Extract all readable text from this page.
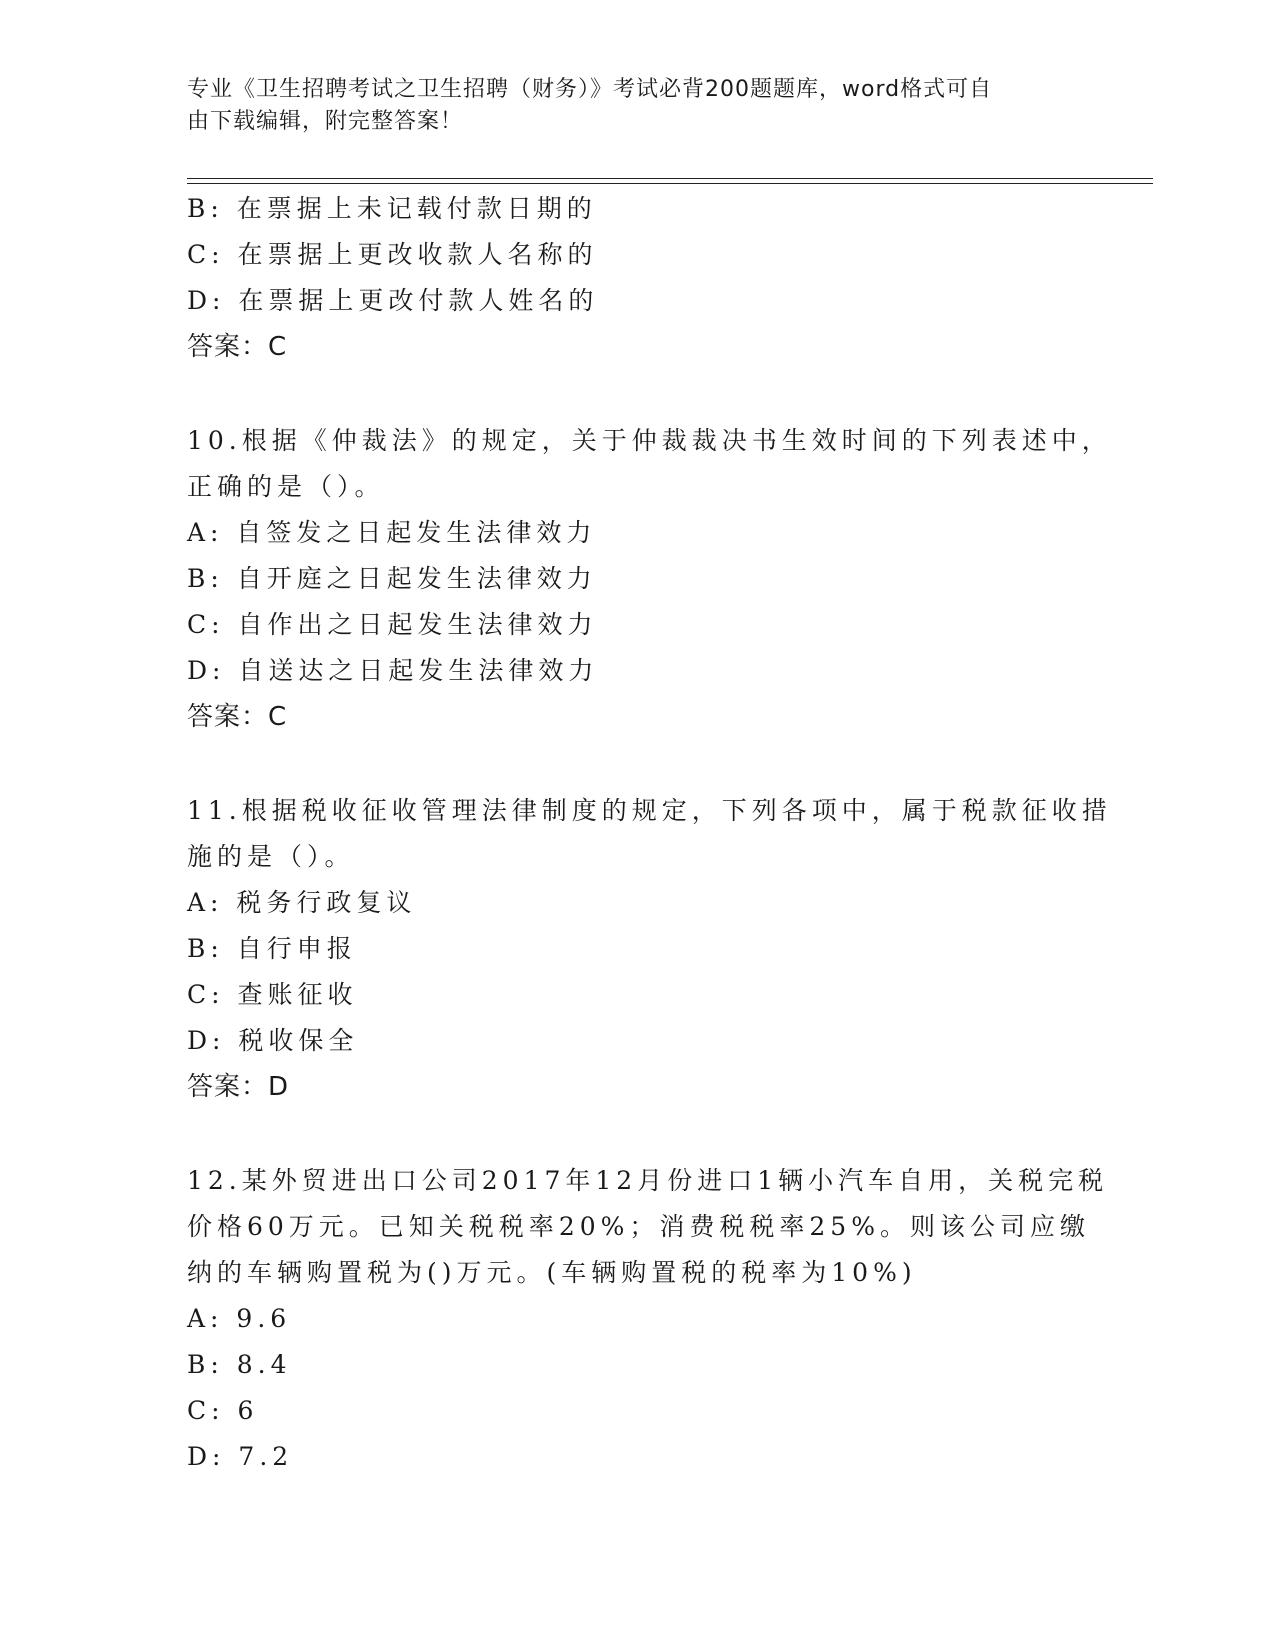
专业《卫生招聘考试之卫生招聘（财务）》考试必背200题题库，word格式可自
由下载编辑，附完整答案！
B: 在票据上未记载付款日期的
C: 在票据上更改收款人名称的
D: 在票据上更改付款人姓名的
答案：C
10.根据《仲裁法》的规定，关于仲裁裁决书生效时间的下列表述中，
正确的是（）。
A: 自签发之日起发生法律效力
B: 自开庭之日起发生法律效力
C: 自作出之日起发生法律效力
D: 自送达之日起发生法律效力
答案：C
11.根据税收征收管理法律制度的规定，下列各项中，属于税款征收措
施的是（）。
A: 税务行政复议
B: 自行申报
C: 查账征收
D: 税收保全
答案：D
12.某外贸进出口公司2017年12月份进口1辆小汽车自用，关税完税
价格60万元。已知关税税率20%；消费税税率25%。则该公司应缴
纳的车辆购置税为()万元。(车辆购置税的税率为10%)
A: 9.6
B: 8.4
C: 6
D: 7.2
